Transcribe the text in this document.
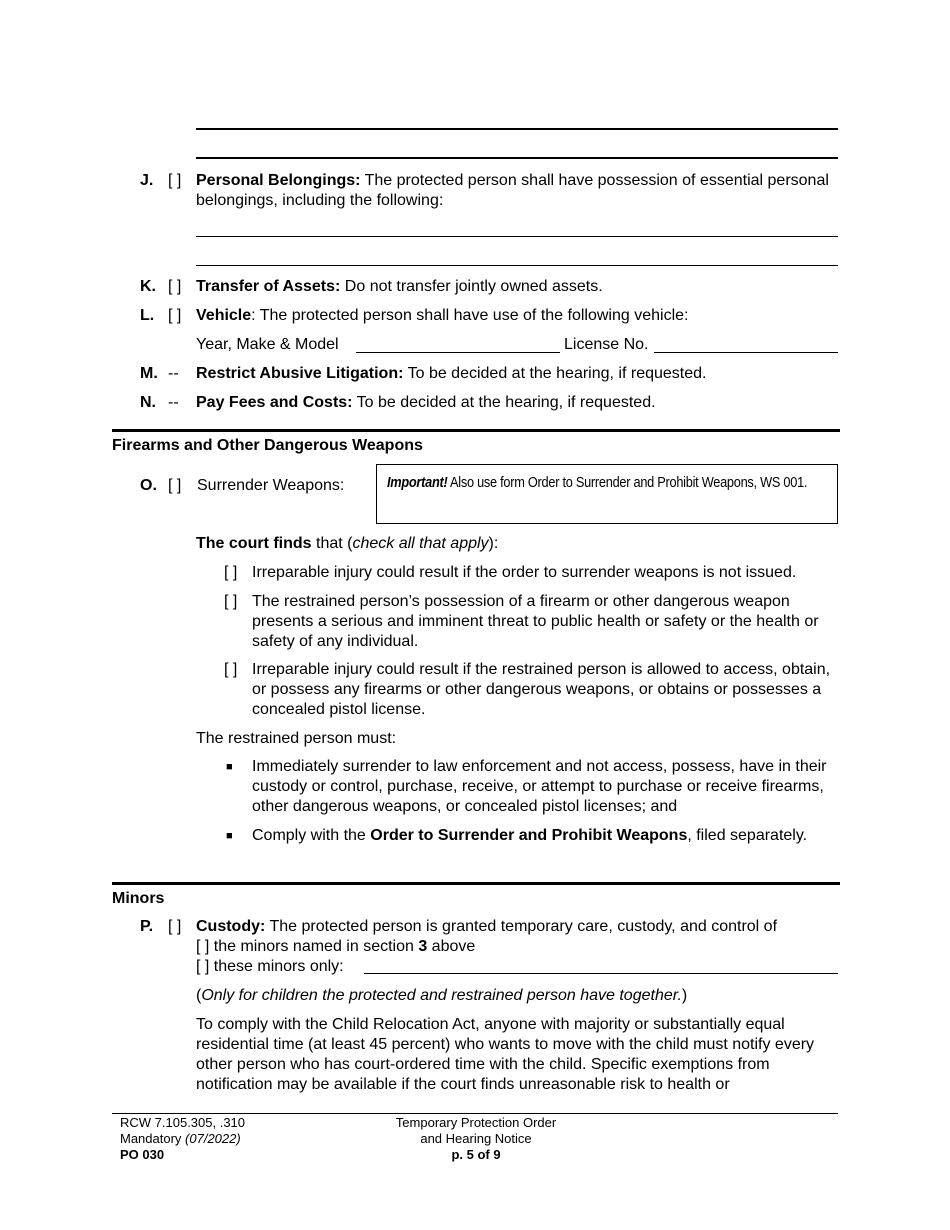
J. [ ] Personal Belongings: The protected person shall have possession of essential personal belongings, including the following:
K. [ ] Transfer of Assets: Do not transfer jointly owned assets.
L. [ ] Vehicle: The protected person shall have use of the following vehicle:
Year, Make & Model	License No.
M. -- Restrict Abusive Litigation: To be decided at the hearing, if requested.
N. -- Pay Fees and Costs: To be decided at the hearing, if requested.
Firearms and Other Dangerous Weapons
O. [ ] Surrender Weapons:	Important! Also use form Order to Surrender and Prohibit Weapons, WS 001.
The court finds that (check all that apply):
[ ] Irreparable injury could result if the order to surrender weapons is not issued.
[ ] The restrained person’s possession of a firearm or other dangerous weapon presents a serious and imminent threat to public health or safety or the health or safety of any individual.
[ ] Irreparable injury could result if the restrained person is allowed to access, obtain, or possess any firearms or other dangerous weapons, or obtains or possesses a concealed pistol license.
The restrained person must:
■ Immediately surrender to law enforcement and not access, possess, have in their custody or control, purchase, receive, or attempt to purchase or receive firearms, other dangerous weapons, or concealed pistol licenses; and
■ Comply with the Order to Surrender and Prohibit Weapons, filed separately.
Minors
P. [ ] Custody: The protected person is granted temporary care, custody, and control of
[ ] the minors named in section 3 above
[ ] these minors only:
(Only for children the protected and restrained person have together.)
To comply with the Child Relocation Act, anyone with majority or substantially equal residential time (at least 45 percent) who wants to move with the child must notify every other person who has court-ordered time with the child. Specific exemptions from notification may be available if the court finds unreasonable risk to health or
RCW 7.105.305, .310
Mandatory (07/2022)
PO 030
Temporary Protection Order
and Hearing Notice
p. 5 of 9
